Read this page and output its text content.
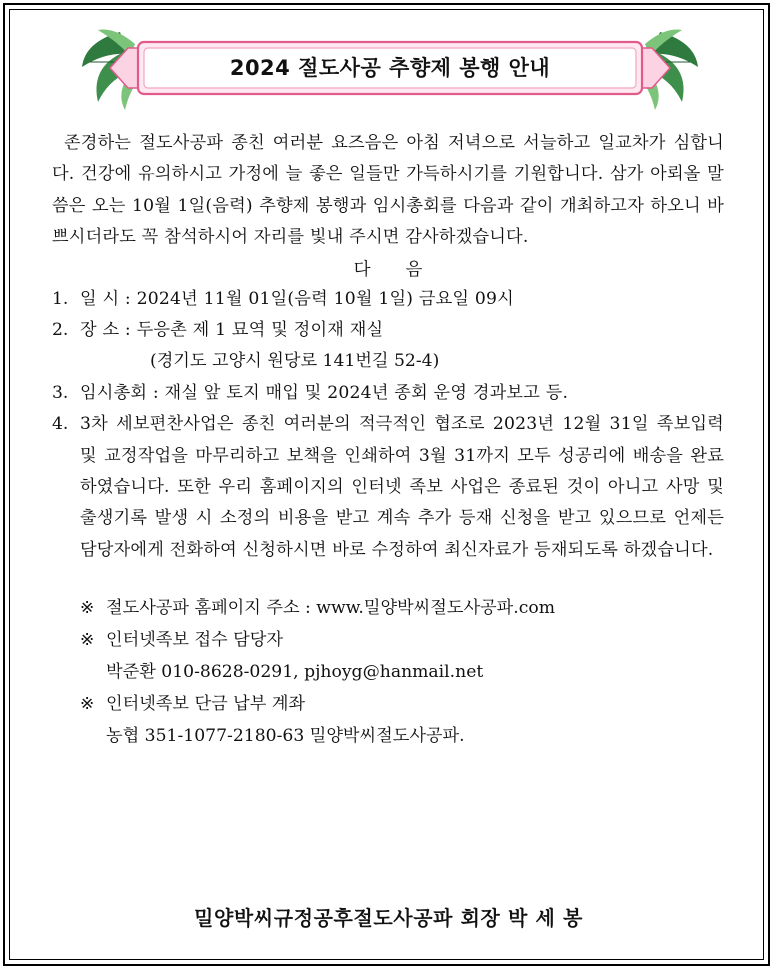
2024 절도사공 추향제 봉행 안내

존경하는 절도사공파 종친 여러분 요즈음은 아침 저녁으로 서늘하고 일교차가 심합니다. 건강에 유의하시고 가정에 늘 좋은 일들만 가득하시기를 기원합니다. 삼가 아뢰올 말씀은 오는 10월 1일(음력) 추향제 봉행과 임시총회를 다음과 같이 개최하고자 하오니 바쁘시더라도 꼭 참석하시어 자리를 빛내 주시면 감사하겠습니다.

다　　음
1. 일 시 : 2024년 11월 01일(음력 10월 1일) 금요일 09시
2. 장 소 : 두응촌 제 1 묘역 및 정이재 재실
(경기도 고양시 원당로 141번길 52-4)
3. 임시총회 : 재실 앞 토지 매입 및 2024년 종회 운영 경과보고 등.
4. 3차 세보편찬사업은 종친 여러분의 적극적인 협조로 2023년 12월 31일 족보입력 및 교정작업을 마무리하고 보책을 인쇄하여 3월 31까지 모두 성공리에 배송을 완료하였습니다. 또한 우리 홈페이지의 인터넷 족보 사업은 종료된 것이 아니고 사망 및 출생기록 발생 시 소정의 비용을 받고 계속 추가 등재 신청을 받고 있으므로 언제든 담당자에게 전화하여 신청하시면 바로 수정하여 최신자료가 등재되도록 하겠습니다.
※ 절도사공파 홈페이지 주소 : www.밀양박씨절도사공파.com
※ 인터넷족보 접수 담당자
박준환 010-8628-0291, pjhoyg@hanmail.net
※ 인터넷족보 단금 납부 계좌
농협 351-1077-2180-63 밀양박씨절도사공파.
밀양박씨규정공후절도사공파 회장 박 세 봉
